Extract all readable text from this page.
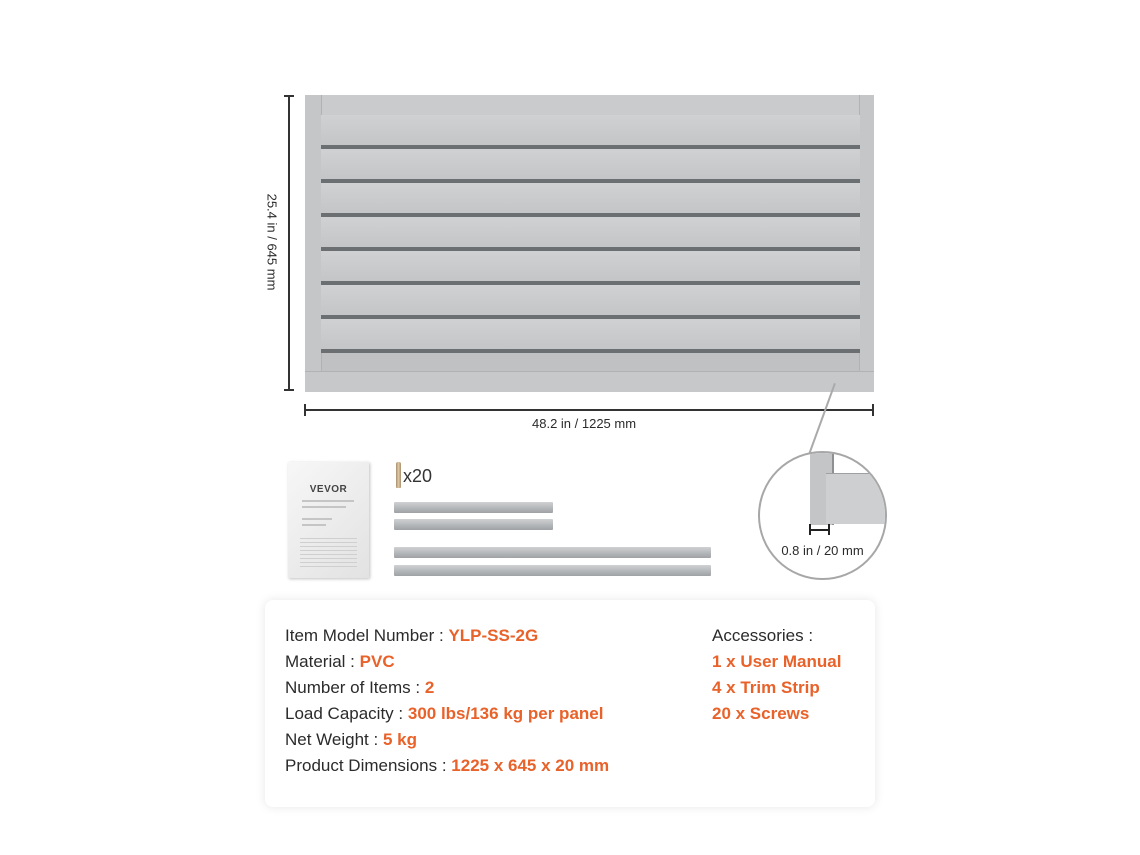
25.4 in / 645 mm
48.2 in / 1225 mm
VEVOR
x20
0.8 in / 20 mm
Item Model Number : YLP-SS-2G
Material : PVC
Number of Items : 2
Load Capacity : 300 lbs/136 kg per panel
Net Weight : 5 kg
Product Dimensions : 1225 x 645 x 20 mm
Accessories :
1 x User Manual
4 x Trim Strip
20 x Screws
